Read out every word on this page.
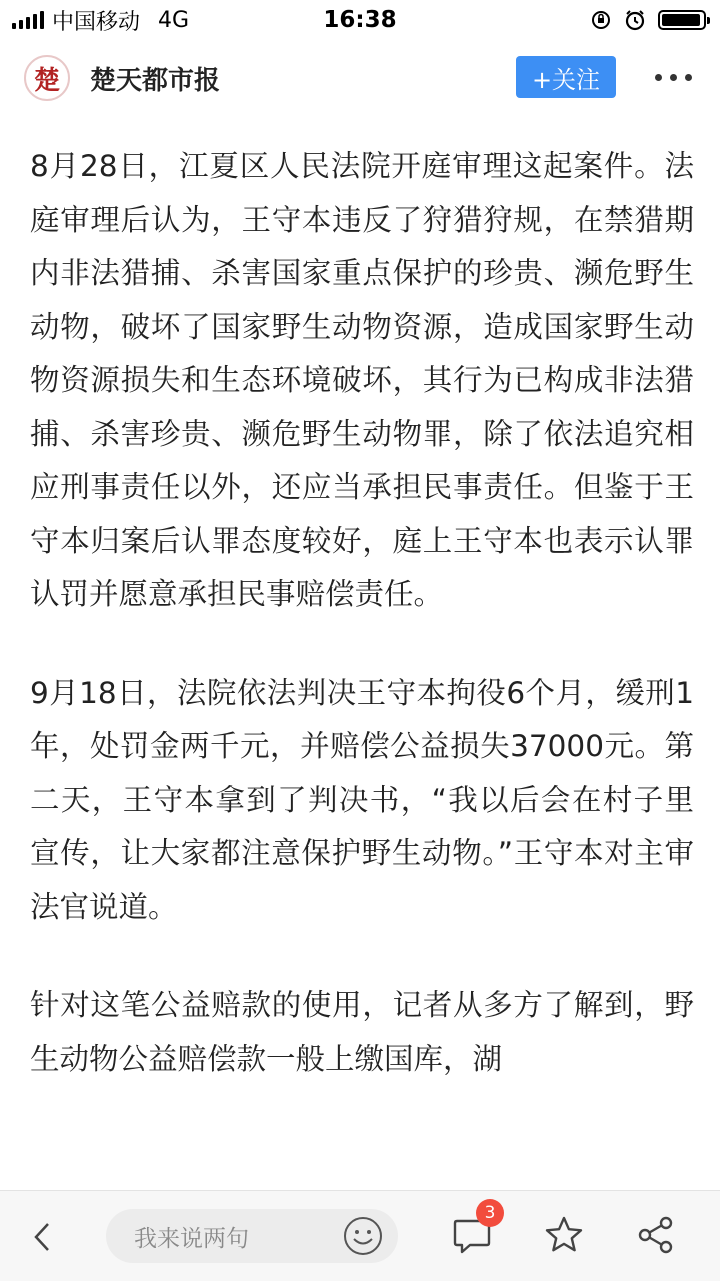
中国移动 4G	16:38
楚	楚天都市报	+关注

8月28日，江夏区人民法院开庭审理这起案件。法庭审理后认为，王守本违反了狩猎狩规，在禁猎期内非法猎捕、杀害国家重点保护的珍贵、濒危野生动物，破坏了国家野生动物资源，造成国家野生动物资源损失和生态环境破坏，其行为已构成非法猎捕、杀害珍贵、濒危野生动物罪，除了依法追究相应刑事责任以外，还应当承担民事责任。但鉴于王守本归案后认罪态度较好，庭上王守本也表示认罪认罚并愿意承担民事赔偿责任。

9月18日，法院依法判决王守本拘役6个月，缓刑1年，处罚金两千元，并赔偿公益损失37000元。第二天，王守本拿到了判决书，“我以后会在村子里宣传，让大家都注意保护野生动物。”王守本对主审法官说道。

针对这笔公益赔款的使用，记者从多方了解到，野生动物公益赔偿款一般上缴国库，湖

我来说两句
3
